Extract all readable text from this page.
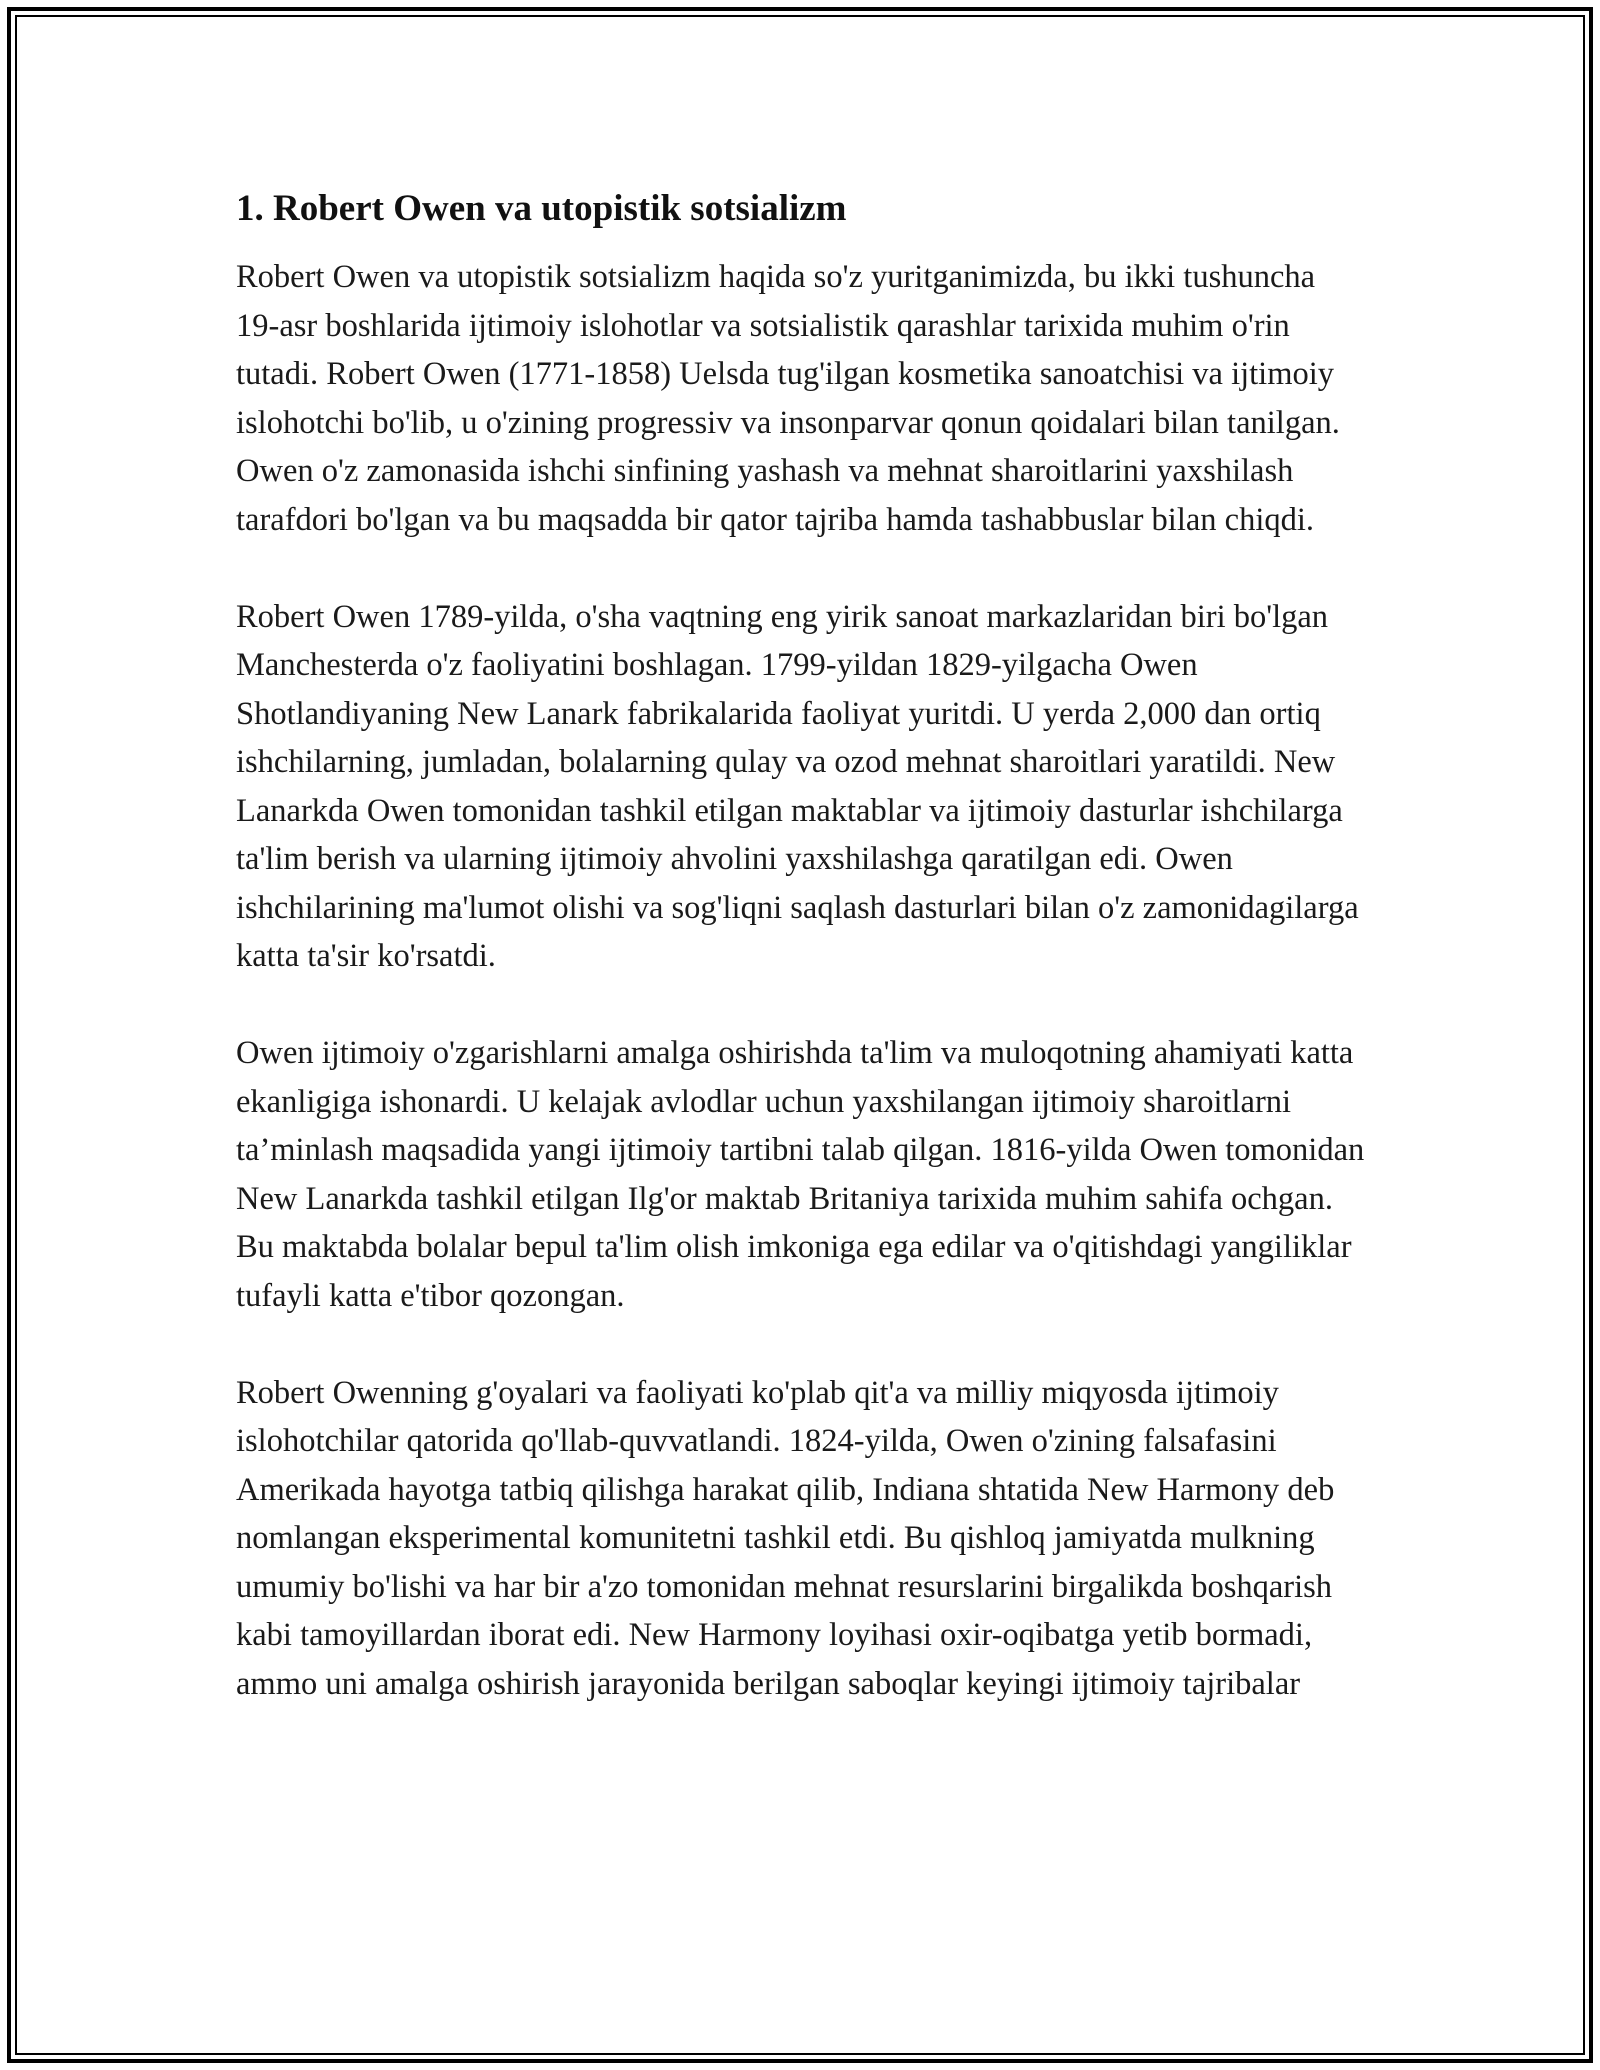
1. Robert Owen va utopistik sotsializm

Robert Owen va utopistik sotsializm haqida so'z yuritganimizda, bu ikki tushuncha 19-asr boshlarida ijtimoiy islohotlar va sotsialistik qarashlar tarixida muhim o'rin tutadi. Robert Owen (1771-1858) Uelsda tug'ilgan kosmetika sanoatchisi va ijtimoiy islohotchi bo'lib, u o'zining progressiv va insonparvar qonun qoidalari bilan tanilgan. Owen o'z zamonasida ishchi sinfining yashash va mehnat sharoitlarini yaxshilash tarafdori bo'lgan va bu maqsadda bir qator tajriba hamda tashabbuslar bilan chiqdi.

Robert Owen 1789-yilda, o'sha vaqtning eng yirik sanoat markazlaridan biri bo'lgan Manchesterda o'z faoliyatini boshlagan. 1799-yildan 1829-yilgacha Owen Shotlandiyaning New Lanark fabrikalarida faoliyat yuritdi. U yerda 2,000 dan ortiq ishchilarning, jumladan, bolalarning qulay va ozod mehnat sharoitlari yaratildi. New Lanarkda Owen tomonidan tashkil etilgan maktablar va ijtimoiy dasturlar ishchilarga ta'lim berish va ularning ijtimoiy ahvolini yaxshilashga qaratilgan edi. Owen ishchilarining ma'lumot olishi va sog'liqni saqlash dasturlari bilan o'z zamonidagilarga katta ta'sir ko'rsatdi.

Owen ijtimoiy o'zgarishlarni amalga oshirishda ta'lim va muloqotning ahamiyati katta ekanligiga ishonardi. U kelajak avlodlar uchun yaxshilangan ijtimoiy sharoitlarni ta’minlash maqsadida yangi ijtimoiy tartibni talab qilgan. 1816-yilda Owen tomonidan New Lanarkda tashkil etilgan Ilg'or maktab Britaniya tarixida muhim sahifa ochgan. Bu maktabda bolalar bepul ta'lim olish imkoniga ega edilar va o'qitishdagi yangiliklar tufayli katta e'tibor qozongan.

Robert Owenning g'oyalari va faoliyati ko'plab qit'a va milliy miqyosda ijtimoiy islohotchilar qatorida qo'llab-quvvatlandi. 1824-yilda, Owen o'zining falsafasini Amerikada hayotga tatbiq qilishga harakat qilib, Indiana shtatida New Harmony deb nomlangan eksperimental komunitetni tashkil etdi. Bu qishloq jamiyatda mulkning umumiy bo'lishi va har bir a'zo tomonidan mehnat resurslarini birgalikda boshqarish kabi tamoyillardan iborat edi. New Harmony loyihasi oxir-oqibatga yetib bormadi, ammo uni amalga oshirish jarayonida berilgan saboqlar keyingi ijtimoiy tajribalar
